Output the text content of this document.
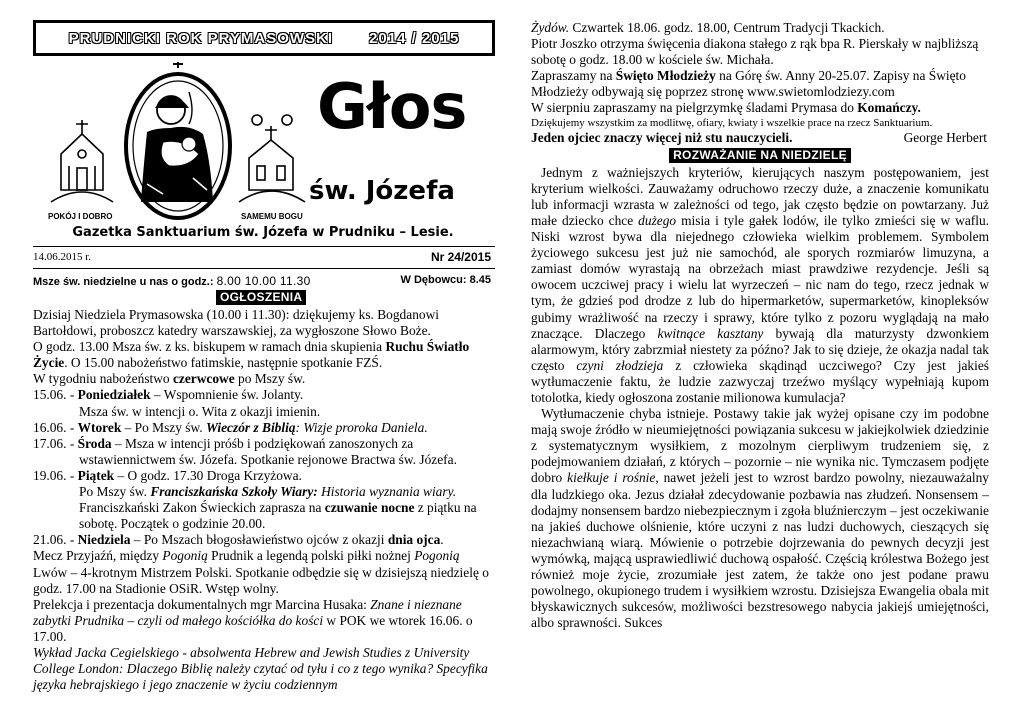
PRUDNICKI ROK PRYMASOWSKI 2014 / 2015
POKÓJ I DOBRO	SAMEMU BOGU
Głos
św. Józefa
Gazetka Sanktuarium św. Józefa w Prudniku – Lesie.
14.06.2015 r.	Nr 24/2015
Msze św. niedzielne u nas o godz.: 8.00 10.00 11.30	W Dębowcu: 8.45
OGŁOSZENIA

Dzisiaj Niedziela Prymasowska (10.00 i 11.30): dziękujemy ks. Bogdanowi Bartołdowi, proboszcz katedry warszawskiej, za wygłoszone Słowo Boże.

O godz. 13.00 Msza św. z ks. biskupem w ramach dnia skupienia Ruchu Światło Życie. O 15.00 nabożeństwo fatimskie, następnie spotkanie FZŚ.

W tygodniu nabożeństwo czerwcowe po Mszy św.

15.06. - Poniedziałek – Wspomnienie św. Jolanty.

Msza św. w intencji o. Wita z okazji imienin.

16.06. - Wtorek – Po Mszy św. Wieczór z Biblią: Wizje proroka Daniela.

17.06. - Środa – Msza w intencji próśb i podziękowań zanoszonych za wstawiennictwem św. Józefa. Spotkanie rejonowe Bractwa św. Józefa.

19.06. - Piątek – O godz. 17.30 Droga Krzyżowa.

Po Mszy św. Franciszkańska Szkoły Wiary: Historia wyznania wiary.

Franciszkański Zakon Świeckich zaprasza na czuwanie nocne z piątku na sobotę. Początek o godzinie 20.00.

21.06. - Niedziela – Po Mszach błogosławieństwo ojców z okazji dnia ojca.

Mecz Przyjaźń, między Pogonią Prudnik a legendą polski piłki nożnej Pogonią Lwów – 4-krotnym Mistrzem Polski. Spotkanie odbędzie się w dzisiejszą niedzielę o godz. 17.00 na Stadionie OSiR. Wstęp wolny.

Prelekcja i prezentacja dokumentalnych mgr Marcina Husaka: Znane i nieznane zabytki Prudnika – czyli od małego kościółka do kości w POK we wtorek 16.06. o 17.00.

Wykład Jacka Cegielskiego - absolwenta Hebrew and Jewish Studies z University College London: Dlaczego Biblię należy czytać od tyłu i co z tego wynika? Specyfika języka hebrajskiego i jego znaczenie w życiu codziennym

Żydów. Czwartek 18.06. godz. 18.00, Centrum Tradycji Tkackich.

Piotr Joszko otrzyma święcenia diakona stałego z rąk bpa R. Pierskały w najbliższą sobotę o godz. 18.00 w kościele św. Michała.

Zapraszamy na Święto Młodzieży na Górę św. Anny 20-25.07. Zapisy na Święto Młodzieży odbywają się poprzez stronę www.swietomlodziezy.com

W sierpniu zapraszamy na pielgrzymkę śladami Prymasa do Komańczy.

Dziękujemy wszystkim za modlitwę, ofiary, kwiaty i wszelkie prace na rzecz Sanktuarium.

Jeden ojciec znaczy więcej niż stu nauczycieli.	George Herbert

ROZWAŻANIE NA NIEDZIELĘ

Jednym z ważniejszych kryteriów, kierujących naszym postępowaniem, jest kryterium wielkości. Zauważamy odruchowo rzeczy duże, a znaczenie komunikatu lub informacji wzrasta w zależności od tego, jak często będzie on powtarzany. Już małe dziecko chce dużego misia i tyle gałek lodów, ile tylko zmieści się w waflu. Niski wzrost bywa dla niejednego człowieka wielkim problemem. Symbolem życiowego sukcesu jest już nie samochód, ale sporych rozmiarów limuzyna, a zamiast domów wyrastają na obrzeżach miast prawdziwe rezydencje. Jeśli są owocem uczciwej pracy i wielu lat wyrzeczeń – nic nam do tego, rzecz jednak w tym, że gdzieś pod drodze z lub do hipermarketów, supermarketów, kinopleksów gubimy wrażliwość na rzeczy i sprawy, które tylko z pozoru wyglądają na mało znaczące. Dlaczego kwitnące kasztany bywają dla maturzysty dzwonkiem alarmowym, który zabrzmiał niestety za późno? Jak to się dzieje, że okazja nadal tak często czyni złodzieja z człowieka skądinąd uczciwego? Czy jest jakieś wytłumaczenie faktu, że ludzie zazwyczaj trzeźwo myślący wypełniają kupom totolotka, kiedy ogłoszona zostanie milionowa kumulacja?

Wytłumaczenie chyba istnieje. Postawy takie jak wyżej opisane czy im podobne mają swoje źródło w nieumiejętności powiązania sukcesu w jakiejkolwiek dziedzinie z systematycznym wysiłkiem, z mozolnym cierpliwym trudzeniem się, z podejmowaniem działań, z których – pozornie – nie wynika nic. Tymczasem podjęte dobro kiełkuje i rośnie, nawet jeżeli jest to wzrost bardzo powolny, niezauważalny dla ludzkiego oka. Jezus działał zdecydowanie pozbawia nas złudzeń. Nonsensem – dodajmy nonsensem bardzo niebezpiecznym i zgoła bluźnierczym – jest oczekiwanie na jakieś duchowe olśnienie, które uczyni z nas ludzi duchowych, cieszących się niezachwianą wiarą. Mówienie o potrzebie dojrzewania do pewnych decyzji jest wymówką, mającą usprawiedliwić duchową ospałość. Częścią królestwa Bożego jest również moje życie, zrozumiałe jest zatem, że także ono jest podane prawu powolnego, okupionego trudem i wysiłkiem wzrostu. Dzisiejsza Ewangelia obala mit błyskawicznych sukcesów, możliwości bezstresowego nabycia jakiejś umiejętności, albo sprawności. Sukces
